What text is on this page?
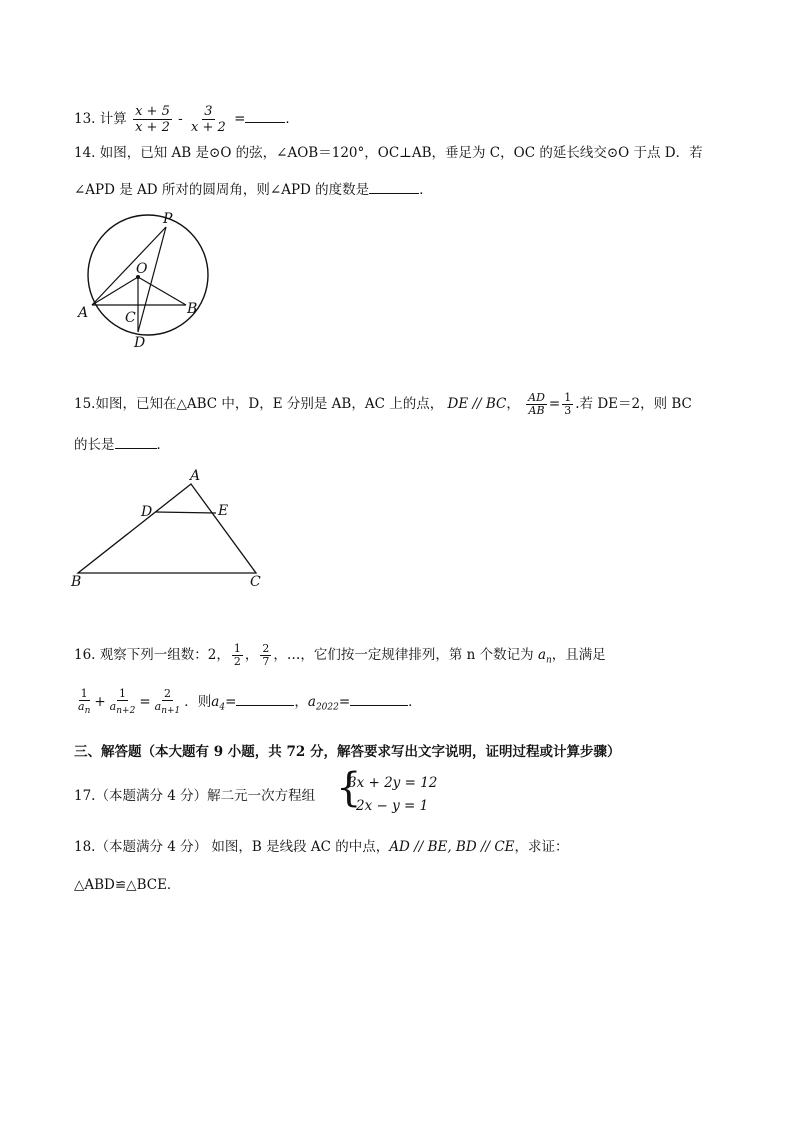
13. 计算 $\frac{x + 5}{x + 2} - \frac{3}{x + 2}$ =	．
14. 如图，已知 AB 是⊙O 的弦，∠AOB＝120°，OC⊥AB，垂足为 C，OC 的延长线交⊙O 于点 D．若
∠APD 是 AD 所对的圆周角，则∠APD 的度数是	．
P
O
A	B
C
D
15.如图，已知在△ABC 中，D，E 分别是 AB，AC 上的点， DE // BC， $\frac{AD}{AB} = \frac{1}{3}$ .若 DE＝2，则 BC
的长是	．
A
D	E
B	C
16. 观察下列一组数：2， $\frac{1}{2}$ ， $\frac{2}{7}$ ，…，它们按一定规律排列，第 n 个数记为 $a_n$，且满足
$\frac{1}{a_n} + \frac{1}{a_{n+2}} = \frac{2}{a_{n+1}}$ ．则$a_4=$	，$a_{2022}=$	．
三、解答题（本大题有 9 小题，共 72 分，解答要求写出文字说明，证明过程或计算步骤）
17.（本题满分 4 分）解二元一次方程组 {
3x + 2y = 12
2x − y = 1
18.（本题满分 4 分） 如图，B 是线段 AC 的中点，AD // BE, BD // CE，求证：
△ABD≌△BCE．
